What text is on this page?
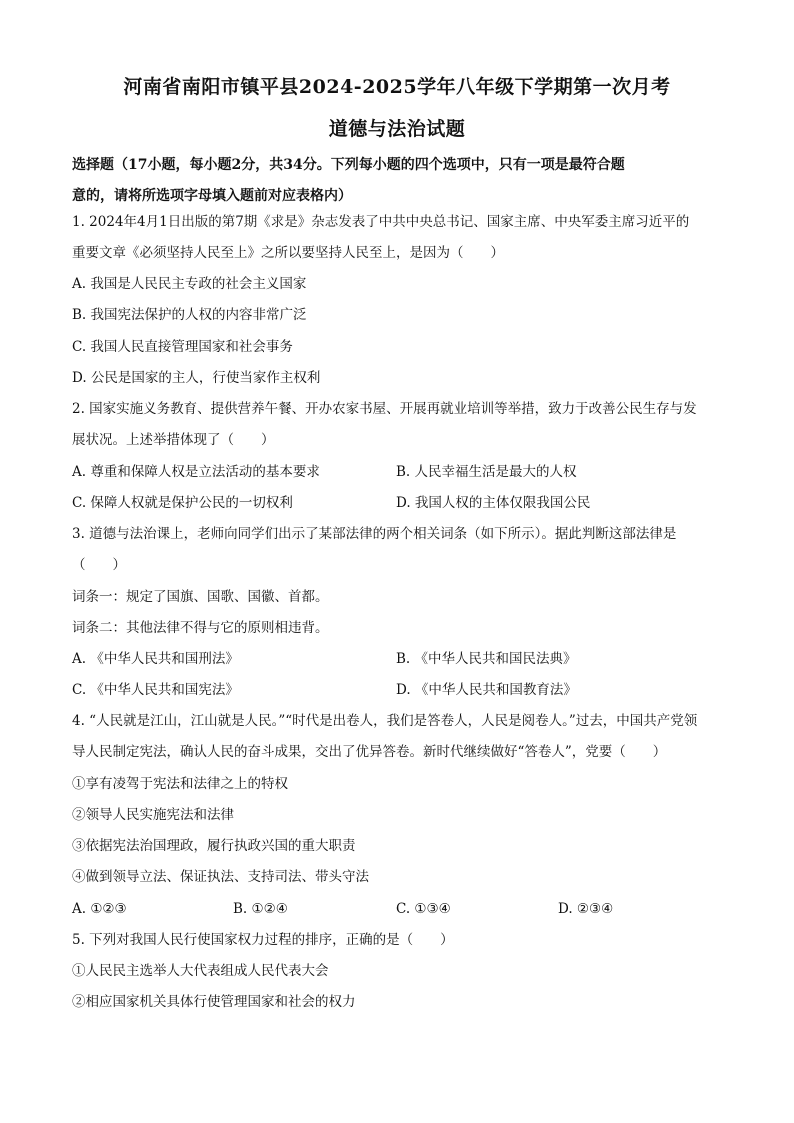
河南省南阳市镇平县2024-2025学年八年级下学期第一次月考
道德与法治试题
选择题（17小题，每小题2分，共34分。下列每小题的四个选项中，只有一项是最符合题
意的，请将所选项字母填入题前对应表格内）
1. 2024年4月1日出版的第7期《求是》杂志发表了中共中央总书记、国家主席、中央军委主席习近平的
重要文章《必须坚持人民至上》之所以要坚持人民至上，是因为（　　）
A. 我国是人民民主专政的社会主义国家
B. 我国宪法保护的人权的内容非常广泛
C. 我国人民直接管理国家和社会事务
D. 公民是国家的主人，行使当家作主权利
2. 国家实施义务教育、提供营养午餐、开办农家书屋、开展再就业培训等举措，致力于改善公民生存与发
展状况。上述举措体现了（　　）
A. 尊重和保障人权是立法活动的基本要求	B. 人民幸福生活是最大的人权
C. 保障人权就是保护公民的一切权利	D. 我国人权的主体仅限我国公民
3. 道德与法治课上，老师向同学们出示了某部法律的两个相关词条（如下所示）。据此判断这部法律是
（　　）
词条一：规定了国旗、国歌、国徽、首都。
词条二：其他法律不得与它的原则相违背。
A. 《中华人民共和国刑法》	B. 《中华人民共和国民法典》
C. 《中华人民共和国宪法》	D. 《中华人民共和国教育法》
4. “人民就是江山，江山就是人民。”“时代是出卷人，我们是答卷人，人民是阅卷人。”过去，中国共产党领
导人民制定宪法，确认人民的奋斗成果，交出了优异答卷。新时代继续做好“答卷人”，党要（　　）
①享有凌驾于宪法和法律之上的特权
②领导人民实施宪法和法律
③依据宪法治国理政，履行执政兴国的重大职责
④做到领导立法、保证执法、支持司法、带头守法
A. ①②③	B. ①②④	C. ①③④	D. ②③④
5. 下列对我国人民行使国家权力过程的排序，正确的是（　　）
①人民民主选举人大代表组成人民代表大会
②相应国家机关具体行使管理国家和社会的权力
